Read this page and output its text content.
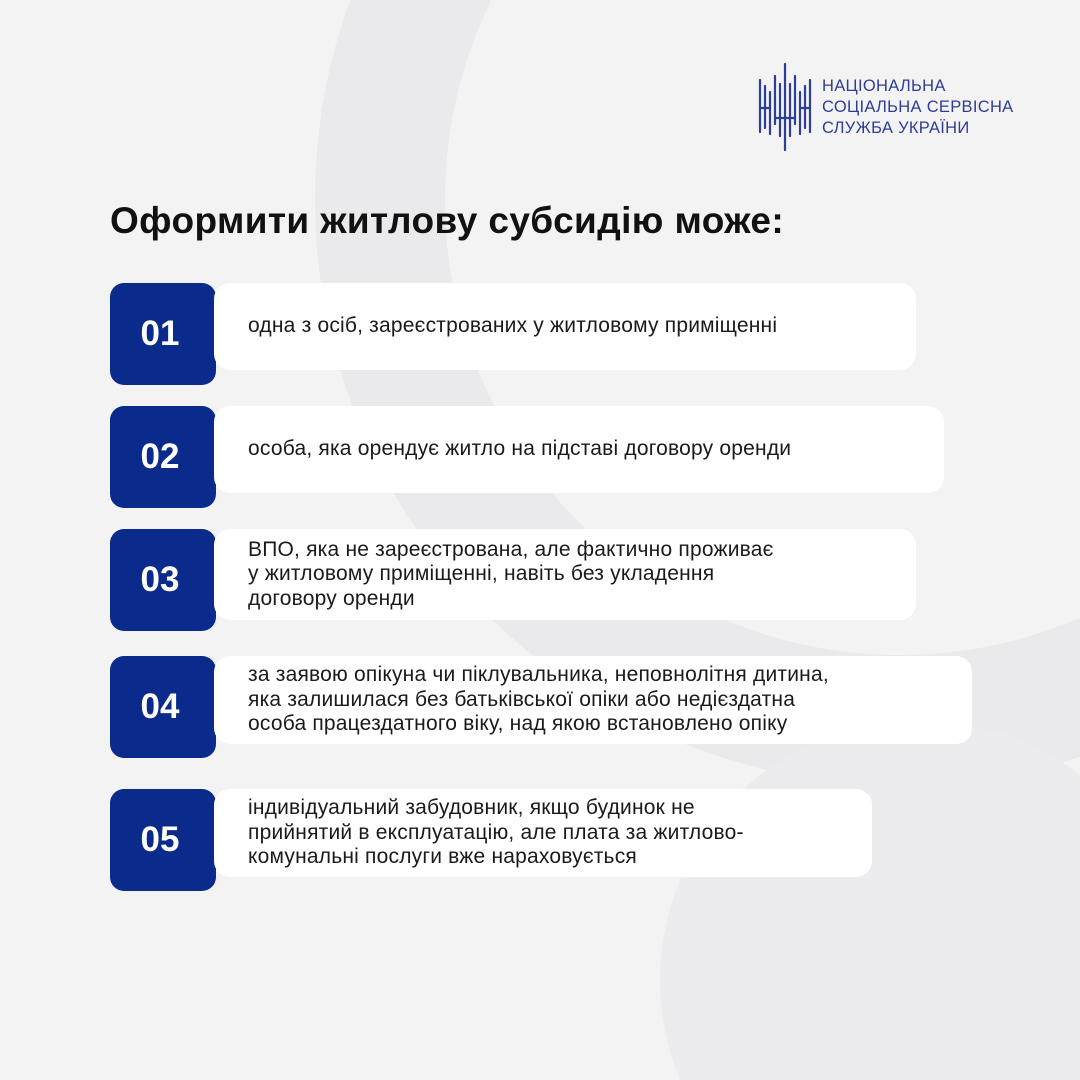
НАЦІОНАЛЬНА
СОЦІАЛЬНА СЕРВІСНА
СЛУЖБА УКРАЇНИ
Оформити житлову субсидію може:
01	одна з осіб, зареєстрованих у житловому приміщенні
02	особа, яка орендує житло на підставі договору оренди
03
ВПО, яка не зареєстрована, але фактично проживає
у житловому приміщенні, навіть без укладення
договору оренди
04
за заявою опікуна чи піклувальника, неповнолітня дитина,
яка залишилася без батьківської опіки або недієздатна
особа працездатного віку, над якою встановлено опіку
05
індивідуальний забудовник, якщо будинок не
прийнятий в експлуатацію, але плата за житлово-
комунальні послуги вже нараховується
